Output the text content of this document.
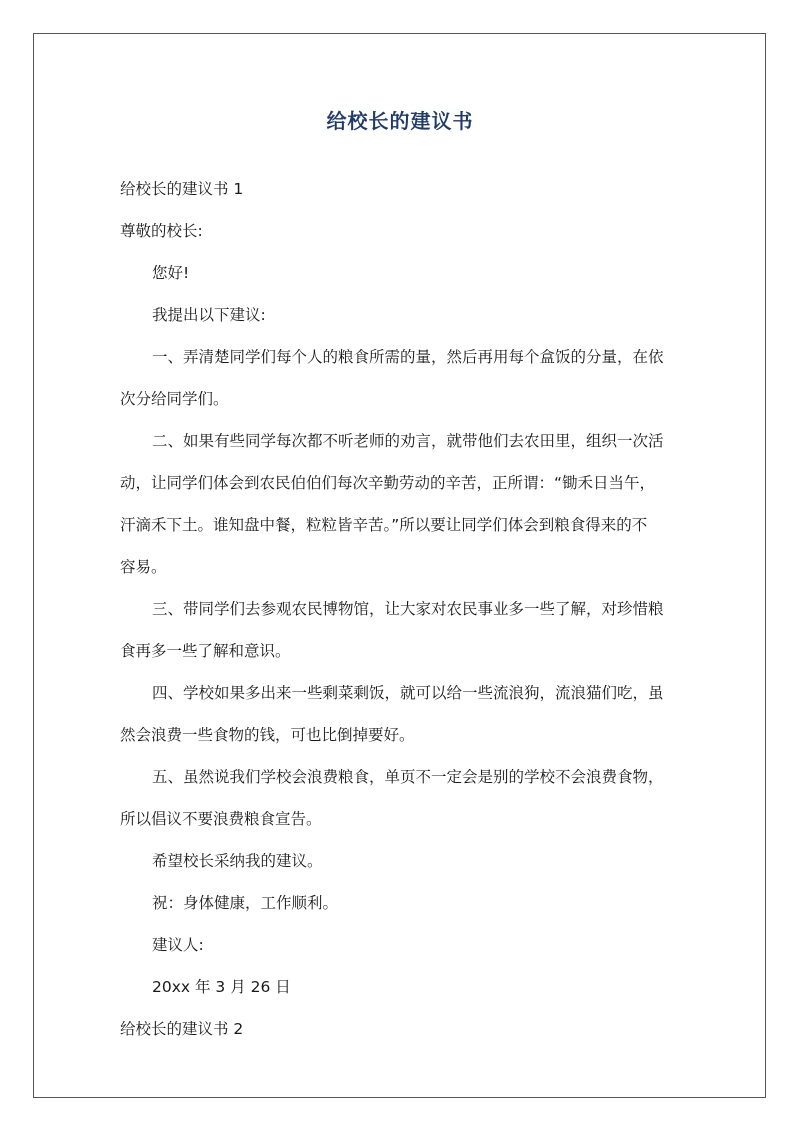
给校长的建议书
给校长的建议书 1
尊敬的校长:
您好!
我提出以下建议:
一、弄清楚同学们每个人的粮食所需的量，然后再用每个盒饭的分量，在依
次分给同学们。
二、如果有些同学每次都不听老师的劝言，就带他们去农田里，组织一次活
动，让同学们体会到农民伯伯们每次辛勤劳动的辛苦，正所谓：“锄禾日当午，
汗滴禾下土。谁知盘中餐，粒粒皆辛苦。”所以要让同学们体会到粮食得来的不
容易。
三、带同学们去参观农民博物馆，让大家对农民事业多一些了解，对珍惜粮
食再多一些了解和意识。
四、学校如果多出来一些剩菜剩饭，就可以给一些流浪狗，流浪猫们吃，虽
然会浪费一些食物的钱，可也比倒掉要好。
五、虽然说我们学校会浪费粮食，单页不一定会是别的学校不会浪费食物，
所以倡议不要浪费粮食宣告。
希望校长采纳我的建议。
祝：身体健康，工作顺利。
建议人:
20xx 年 3 月 26 日
给校长的建议书 2
